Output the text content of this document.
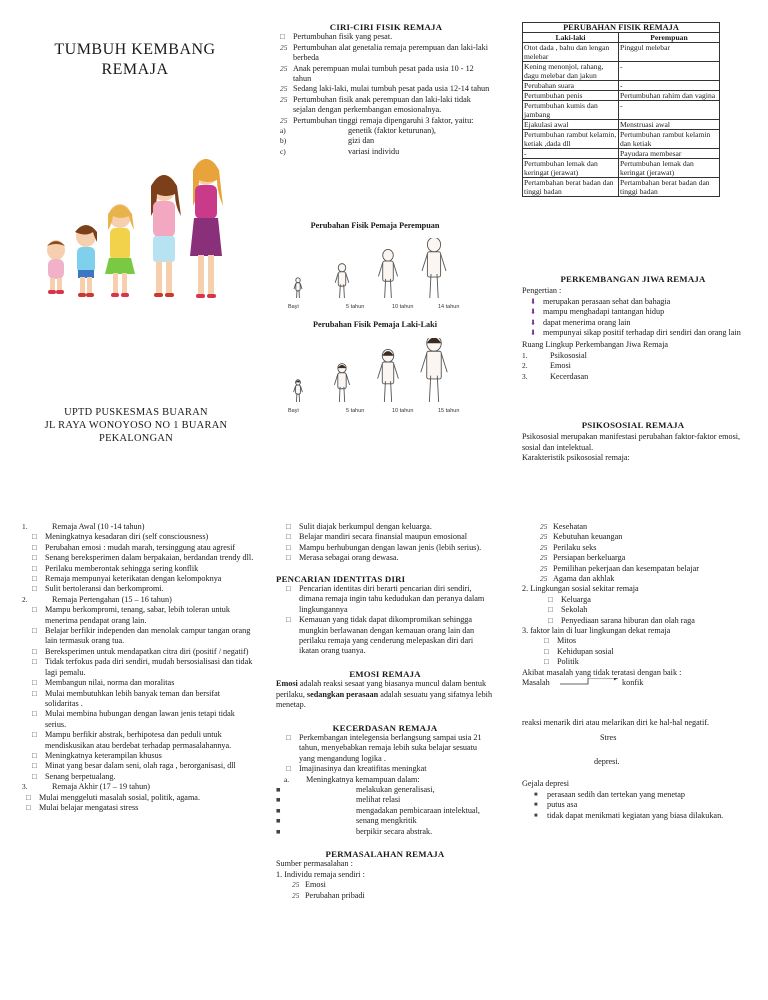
TUMBUH KEMBANG
REMAJA
UPTD PUSKESMAS BUARAN
JL RAYA WONOYOSO NO 1 BUARAN
PEKALONGAN
CIRI-CIRI FISIK REMAJA
□ Pertumbuhan fisik yang pesat.
25 Pertumbuhan alat genetalia remaja perempuan dan laki-laki berbeda
25 Anak perempuan mulai tumbuh pesat pada usia 10 - 12 tahun
25 Sedang laki-laki, mulai tumbuh pesat pada usia 12-14 tahun
25 Pertumbuhan fisik anak perempuan dan laki-laki tidak sejalan dengan perkembangan emosionalnya.
25 Pertumbuhan tinggi remaja dipengaruhi 3 faktor, yaitu:
a)	genetik (faktor keturunan),
b)	gizi dan
c)	variasi individu
Perubahan Fisik Pemaja Perempuan
Bayi	5 tahun	10 tahun	14 tahun
Perubahan Fisik Pemaja Laki-Laki
Bayi	5 tahun	10 tahun	15 tahun
PERUBAHAN FISIK REMAJA	
Laki-laki	Perempuan
Otot dada , bahu dan lengan melebar	Pinggul melebar
Kening menonjol, rahang, dagu melebar dan jakun	-
Perubahan suara	-
Pertumbuhan penis	Pertumbuhan rahim dan vagina
Pertumbuhan kumis dan jambang	-
Ejakulasi awal	Menstruasi awal
Pertumbuhan rambut kelamin, ketiak ,dada dll	Pertumbuhan rambut kelamin dan ketiak
-	Payudara membesar
Pertumbuhan lemak dan keringat (jerawat)	Pertumbuhan lemak dan keringat (jerawat)
Pertambahan berat badan dan tinggi badan	Pertambahan berat badan dan tinggi badan
PERKEMBANGAN JIWA REMAJA
Pengertian :
⬇ merupakan perasaan sehat dan bahagia
⬇ mampu menghadapi tantangan hidup
⬇ dapat menerima orang lain
⬇ mempunyai sikap positif terhadap diri sendiri dan orang lain
Ruang Lingkup Perkembangan Jiwa Remaja
1.	Psikososial
2.	Emosi
3.	Kecerdasan
PSIKOSOSIAL REMAJA
Psikososial merupakan manifestasi perubahan faktor-faktor emosi, sosial dan intelektual.
Karakteristik psikososial remaja:
1.	Remaja Awal (10 -14 tahun)
□ Meningkatnya kesadaran diri (self consciousness)
□ Perubahan emosi : mudah marah, tersinggung atau agresif
□ Senang bereksperimen dalam berpakaian, berdandan trendy dll.
□ Perilaku memberontak sehingga sering konflik
□ Remaja mempunyai keterikatan dengan kelompoknya
□ Sulit bertoleransi dan berkompromi.
2.	Remaja Pertengahan (15 – 16 tahun)
□ Mampu berkompromi, tenang, sabar, lebih toleran untuk menerima pendapat orang lain.
□ Belajar berfikir independen dan menolak campur tangan orang lain termasuk orang tua.
□ Bereksperimen untuk mendapatkan citra diri (positif / negatif)
□ Tidak terfokus pada diri sendiri, mudah bersosialisasi dan tidak lagi pemalu.
□ Membangun nilai, norma dan moralitas
□ Mulai membutuhkan lebih banyak teman dan bersifat solidaritas .
□ Mulai membina hubungan dengan lawan jenis tetapi tidak serius.
□ Mampu berfikir abstrak, berhipotesa dan peduli untuk mendiskusikan atau berdebat terhadap permasalahannya.
□ Meningkatnya keterampilan khusus
□ Minat yang besar dalam seni, olah raga , berorganisasi, dll
□ Senang berpetualang.
3.	Remaja Akhir (17 – 19 tahun)
□ Mulai menggeluti masalah sosial, politik, agama.
□ Mulai belajar mengatasi stress
□ Sulit diajak berkumpul dengan keluarga.
□ Belajar mandiri secara finansial maupun emosional
□ Mampu berhubungan dengan lawan jenis (lebih serius).
□ Merasa sebagai orang dewasa.
PENCARIAN IDENTITAS DIRI
□ Pencarian identitas diri berarti pencarian diri sendiri, dimana remaja ingin tahu kedudukan dan peranya dalam lingkungannya
□ Kemauan yang tidak dapat dikompromikan sehingga mungkin berlawanan dengan kemauan orang lain dan perilaku remaja yang cenderung melepaskan diri dari ikatan orang tuanya.
EMOSI REMAJA
Emosi adalah reaksi sesaat yang biasanya muncul dalam bentuk perilaku, sedangkan perasaan adalah sesuatu yang sifatnya lebih menetap.
KECERDASAN REMAJA
□ Perkembangan intelegensia berlangsung sampai usia 21 tahun, menyebabkan remaja lebih suka belajar sesuatu yang mengandung logika .
□ Imajinasinya dan kreatifitas meningkat
a.	Meningkatnya kemampuan dalam:
■	melakukan generalisasi,
■	melihat relasi
■	mengadakan pembicaraan intelektual,
■	senang mengkritik
■	berpikir secara abstrak.
PERMASALAHAN REMAJA
Sumber permasalahan :
1. Individu remaja sendiri :
25 Emosi
25 Perubahan pribadi
25 Kesehatan
25 Kebutuhan keuangan
25 Perilaku seks
25 Persiapan berkeluarga
25 Pemilihan pekerjaan dan kesempatan belajar
25 Agama dan akhlak
2. Lingkungan sosial sekitar remaja
□ Keluarga
□ Sekolah
□ Penyediaan sarana hiburan dan olah raga
3. faktor lain di luar lingkungan dekat remaja
□ Mitos
□ Kehidupan sosial
□ Politik
Akibat masalah yang tidak teratasi dengan baik :
Masalah	konfik
reaksi menarik diri atau melarikan diri ke hal-hal negatif.
Stres
depresi.
Gejala depresi
■	perasaan sedih dan tertekan yang menetap
■	putus asa
■	tidak dapat menikmati kegiatan yang biasa dilakukan.
